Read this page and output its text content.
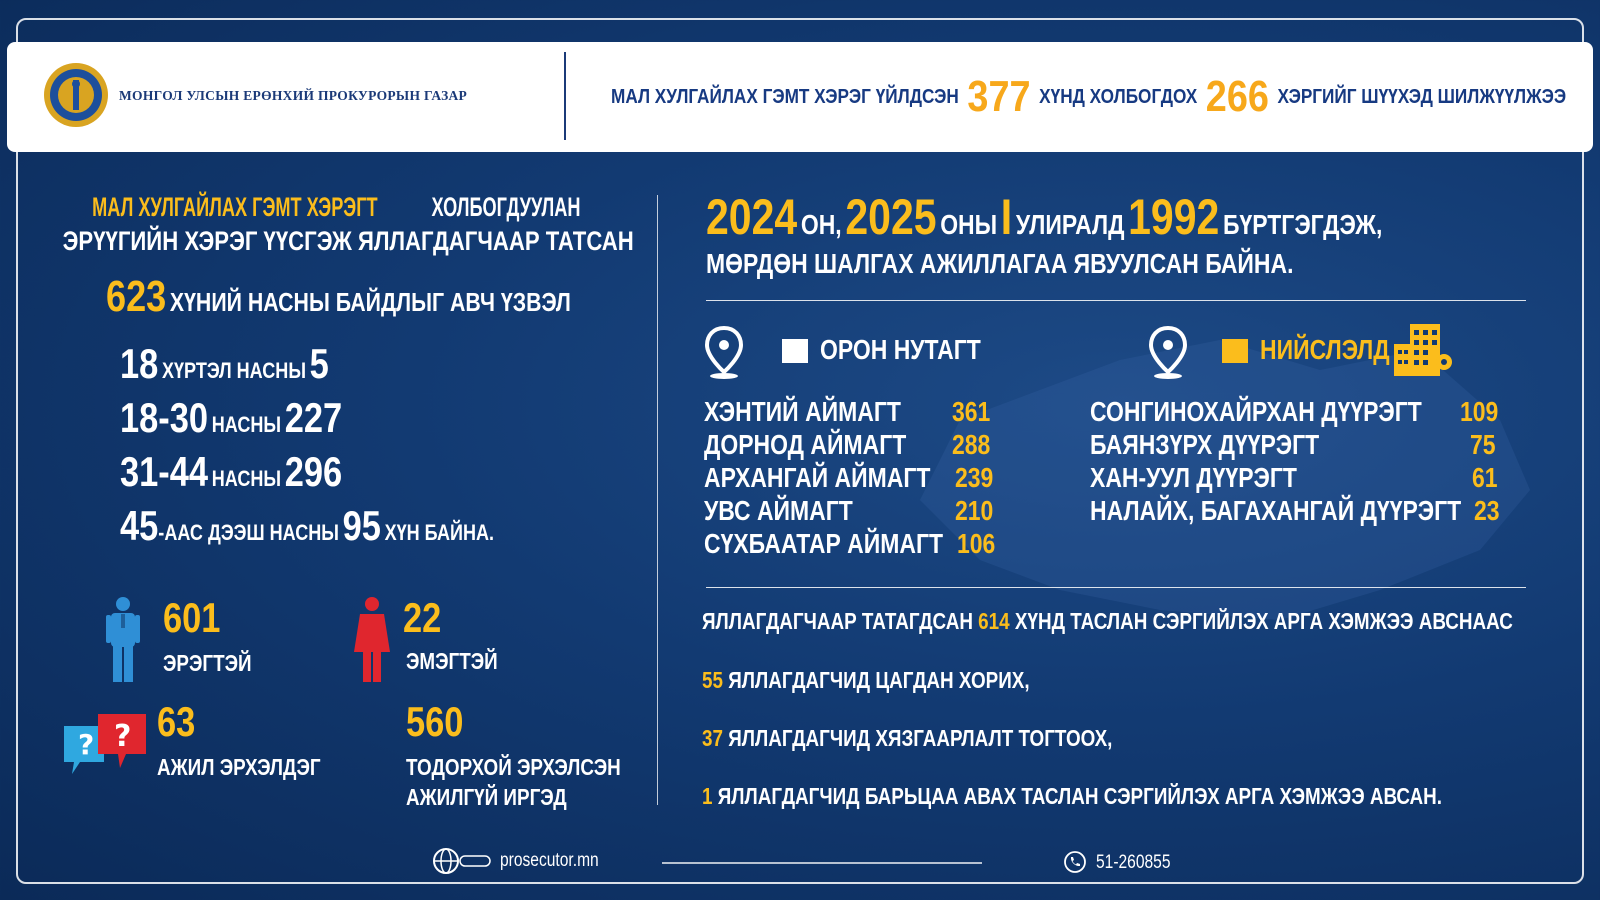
МОНГОЛ УЛСЫН ЕРӨНХИЙ ПРОКУРОРЫН ГАЗАР	МАЛ ХУЛГАЙЛАХ ГЭМТ ХЭРЭГ ҮЙЛДСЭН 377 ХҮНД ХОЛБОГДОХ 266 ХЭРГИЙГ ШҮҮХЭД ШИЛЖҮҮЛЖЭЭ
МАЛ ХУЛГАЙЛАХ ГЭМТ ХЭРЭГТ ХОЛБОГДУУЛАН
ЭРҮҮГИЙН ХЭРЭГ ҮҮСГЭЖ ЯЛЛАГДАГЧААР ТАТСАН
623 ХҮНИЙ НАСНЫ БАЙДЛЫГ АВЧ ҮЗВЭЛ
18 ХҮРТЭЛ НАСНЫ 5
18-30 НАСНЫ 227
31-44 НАСНЫ 296
45-ААС ДЭЭШ НАСНЫ 95 ХҮН БАЙНА.
601
ЭРЭГТЭЙ
22
ЭМЭГТЭЙ
? ? 63
АЖИЛ ЭРХЭЛДЭГ
560
ТОДОРХОЙ ЭРХЭЛСЭН
АЖИЛГҮЙ ИРГЭД
2024 ОН, 2025 ОНЫ I УЛИРАЛД 1992 БҮРТГЭГДЭЖ,
МӨРДӨН ШАЛГАХ АЖИЛЛАГАА ЯВУУЛСАН БАЙНА.
ОРОН НУТАГТ	НИЙСЛЭЛД
ХЭНТИЙ АЙМАГТ	361
ДОРНОД АЙМАГТ	288
АРХАНГАЙ АЙМАГТ 239
УВС АЙМАГТ	210
СҮХБААТАР АЙМАГТ 106
СОНГИНОХАЙРХАН ДҮҮРЭГТ	109
БАЯНЗҮРХ ДҮҮРЭГТ	75
ХАН-УУЛ ДҮҮРЭГТ	61
НАЛАЙХ, БАГАХАНГАЙ ДҮҮРЭГТ 23
ЯЛЛАГДАГЧААР ТАТАГДСАН 614 ХҮНД ТАСЛАН СЭРГИЙЛЭХ АРГА ХЭМЖЭЭ АВСНААС
55 ЯЛЛАГДАГЧИД ЦАГДАН ХОРИХ,
37 ЯЛЛАГДАГЧИД ХЯЗГААРЛАЛТ ТОГТООХ,
1 ЯЛЛАГДАГЧИД БАРЬЦАА АВАХ ТАСЛАН СЭРГИЙЛЭХ АРГА ХЭМЖЭЭ АВСАН.
prosecutor.mn	51-260855
